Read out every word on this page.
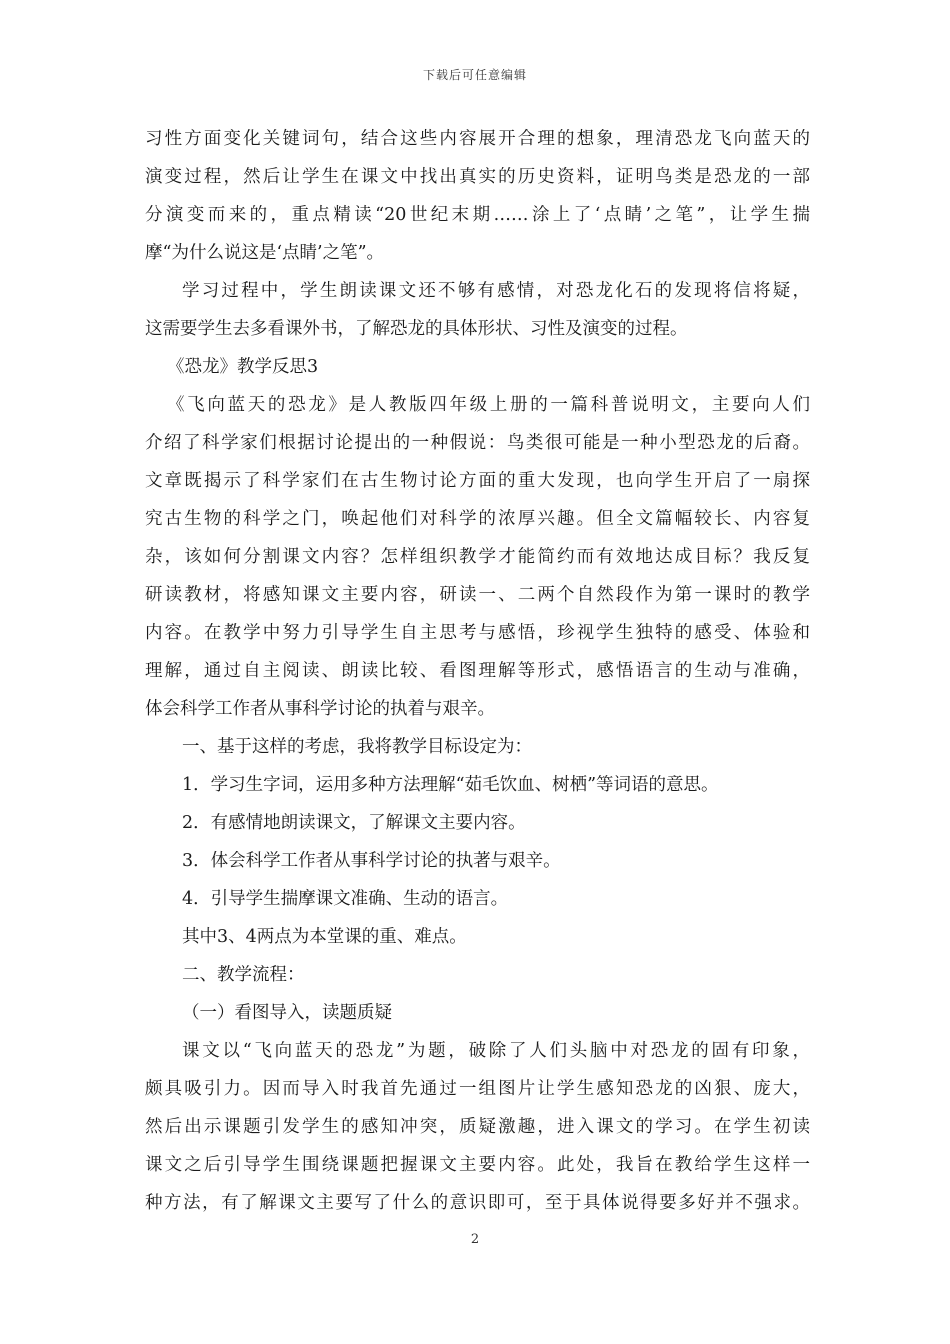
下载后可任意编辑
习性方面变化关键词句，结合这些内容展开合理的想象，理清恐龙飞向蓝天的
演变过程，然后让学生在课文中找出真实的历史资料，证明鸟类是恐龙的一部
分演变而来的，重点精读“20世纪末期……涂上了‘点睛’之笔”，让学生揣
摩“为什么说这是‘点睛’之笔”。
学习过程中，学生朗读课文还不够有感情，对恐龙化石的发现将信将疑，
这需要学生去多看课外书，了解恐龙的具体形状、习性及演变的过程。
《恐龙》教学反思3
《飞向蓝天的恐龙》是人教版四年级上册的一篇科普说明文，主要向人们
介绍了科学家们根据讨论提出的一种假说：鸟类很可能是一种小型恐龙的后裔。
文章既揭示了科学家们在古生物讨论方面的重大发现，也向学生开启了一扇探
究古生物的科学之门，唤起他们对科学的浓厚兴趣。但全文篇幅较长、内容复
杂，该如何分割课文内容？怎样组织教学才能简约而有效地达成目标？我反复
研读教材，将感知课文主要内容，研读一、二两个自然段作为第一课时的教学
内容。在教学中努力引导学生自主思考与感悟，珍视学生独特的感受、体验和
理解，通过自主阅读、朗读比较、看图理解等形式，感悟语言的生动与准确，
体会科学工作者从事科学讨论的执着与艰辛。
一、基于这样的考虑，我将教学目标设定为：
1．学习生字词，运用多种方法理解“茹毛饮血、树栖”等词语的意思。
2．有感情地朗读课文，了解课文主要内容。
3．体会科学工作者从事科学讨论的执著与艰辛。
4．引导学生揣摩课文准确、生动的语言。
其中3、4两点为本堂课的重、难点。
二、教学流程：
（一）看图导入，读题质疑
课文以“飞向蓝天的恐龙”为题，破除了人们头脑中对恐龙的固有印象，
颇具吸引力。因而导入时我首先通过一组图片让学生感知恐龙的凶狠、庞大，
然后出示课题引发学生的感知冲突，质疑激趣，进入课文的学习。在学生初读
课文之后引导学生围绕课题把握课文主要内容。此处，我旨在教给学生这样一
种方法，有了解课文主要写了什么的意识即可，至于具体说得要多好并不强求。
2
